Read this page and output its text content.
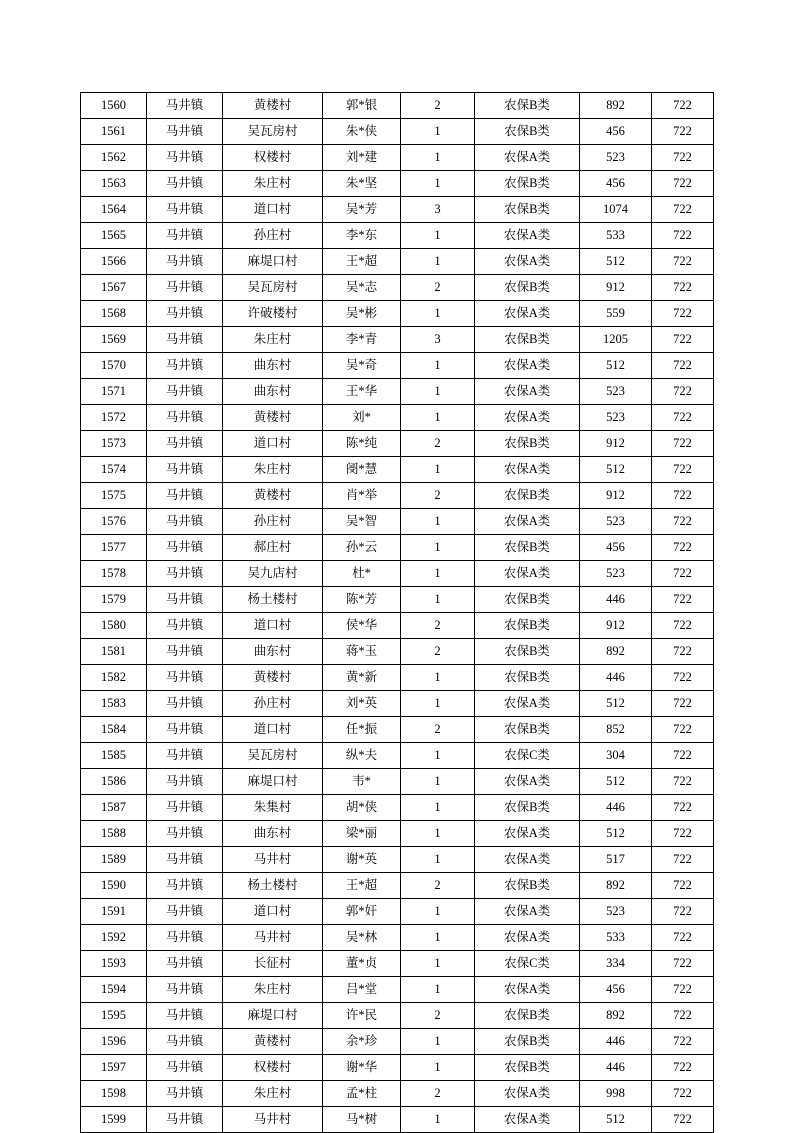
1560	马井镇	黄楼村	郭*银	2	农保B类	892	722
1561	马井镇	吴瓦房村	朱*侠	1	农保B类	456	722
1562	马井镇	权楼村	刘*建	1	农保A类	523	722
1563	马井镇	朱庄村	朱*坚	1	农保B类	456	722
1564	马井镇	道口村	吴*芳	3	农保B类	1074	722
1565	马井镇	孙庄村	李*东	1	农保A类	533	722
1566	马井镇	麻堤口村	王*超	1	农保A类	512	722
1567	马井镇	吴瓦房村	吴*志	2	农保B类	912	722
1568	马井镇	许破楼村	吴*彬	1	农保A类	559	722
1569	马井镇	朱庄村	李*青	3	农保B类	1205	722
1570	马井镇	曲东村	吴*奇	1	农保A类	512	722
1571	马井镇	曲东村	王*华	1	农保A类	523	722
1572	马井镇	黄楼村	刘*	1	农保A类	523	722
1573	马井镇	道口村	陈*纯	2	农保B类	912	722
1574	马井镇	朱庄村	阌*慧	1	农保A类	512	722
1575	马井镇	黄楼村	肖*举	2	农保B类	912	722
1576	马井镇	孙庄村	吴*智	1	农保A类	523	722
1577	马井镇	郝庄村	孙*云	1	农保B类	456	722
1578	马井镇	吴九店村	杜*	1	农保A类	523	722
1579	马井镇	杨土楼村	陈*芳	1	农保B类	446	722
1580	马井镇	道口村	侯*华	2	农保B类	912	722
1581	马井镇	曲东村	蒋*玉	2	农保B类	892	722
1582	马井镇	黄楼村	黄*新	1	农保B类	446	722
1583	马井镇	孙庄村	刘*英	1	农保A类	512	722
1584	马井镇	道口村	任*振	2	农保B类	852	722
1585	马井镇	吴瓦房村	纵*夫	1	农保C类	304	722
1586	马井镇	麻堤口村	韦*	1	农保A类	512	722
1587	马井镇	朱集村	胡*侠	1	农保B类	446	722
1588	马井镇	曲东村	梁*丽	1	农保A类	512	722
1589	马井镇	马井村	谢*英	1	农保A类	517	722
1590	马井镇	杨土楼村	王*超	2	农保B类	892	722
1591	马井镇	道口村	郭*奸	1	农保A类	523	722
1592	马井镇	马井村	吴*林	1	农保A类	533	722
1593	马井镇	长征村	董*贞	1	农保C类	334	722
1594	马井镇	朱庄村	吕*堂	1	农保A类	456	722
1595	马井镇	麻堤口村	许*民	2	农保B类	892	722
1596	马井镇	黄楼村	余*珍	1	农保B类	446	722
1597	马井镇	权楼村	谢*华	1	农保B类	446	722
1598	马井镇	朱庄村	孟*柱	2	农保A类	998	722
1599	马井镇	马井村	马*树	1	农保A类	512	722
